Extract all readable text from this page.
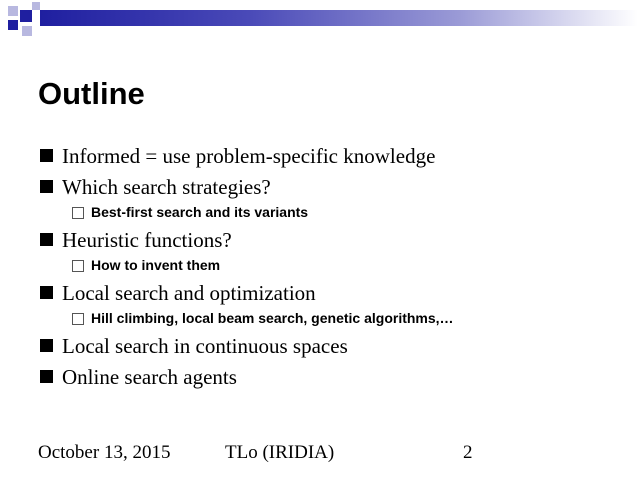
Outline
Informed = use problem-specific knowledge
Which search strategies?
Best-first search and its variants
Heuristic functions?
How to invent them
Local search and optimization
Hill climbing, local beam search, genetic algorithms,…
Local search in continuous spaces
Online search agents
October 13, 2015	TLo (IRIDIA)	2
